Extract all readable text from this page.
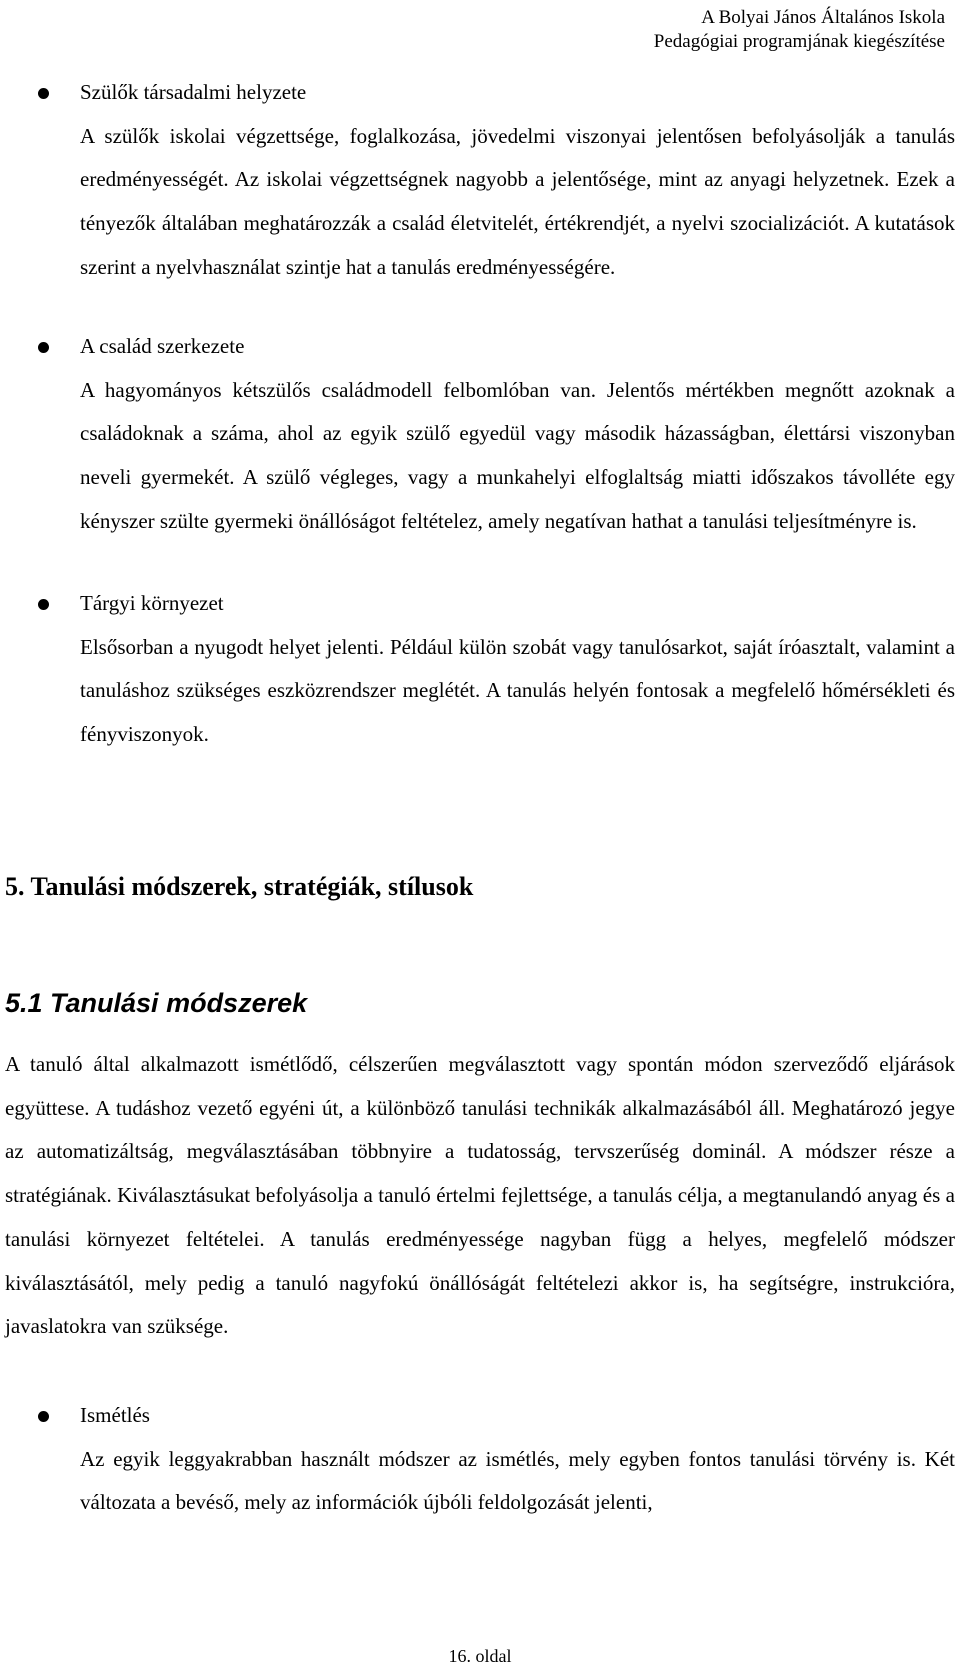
A Bolyai János Általános Iskola
Pedagógiai programjának kiegészítése

Szülők társadalmi helyzete

A szülők iskolai végzettsége, foglalkozása, jövedelmi viszonyai jelentősen befolyásolják a tanulás eredményességét. Az iskolai végzettségnek nagyobb a jelentősége, mint az anyagi helyzetnek. Ezek a tényezők általában meghatározzák a család életvitelét, értékrendjét, a nyelvi szocializációt. A kutatások szerint a nyelvhasználat szintje hat a tanulás eredményességére.

A család szerkezete

A hagyományos kétszülős családmodell felbomlóban van. Jelentős mértékben megnőtt azoknak a családoknak a száma, ahol az egyik szülő egyedül vagy második házasságban, élettársi viszonyban neveli gyermekét. A szülő végleges, vagy a munkahelyi elfoglaltság miatti időszakos távolléte egy kényszer szülte gyermeki önállóságot feltételez, amely negatívan hathat a tanulási teljesítményre is.

Tárgyi környezet

Elsősorban a nyugodt helyet jelenti. Például külön szobát vagy tanulósarkot, saját íróasztalt, valamint a tanuláshoz szükséges eszközrendszer meglétét. A tanulás helyén fontosak a megfelelő hőmérsékleti és fényviszonyok.

5. Tanulási módszerek, stratégiák, stílusok
5.1 Tanulási módszerek

A tanuló által alkalmazott ismétlődő, célszerűen megválasztott vagy spontán módon szerveződő eljárások együttese. A tudáshoz vezető egyéni út, a különböző tanulási technikák alkalmazásából áll. Meghatározó jegye az automatizáltság, megválasztásában többnyire a tudatosság, tervszerűség dominál. A módszer része a stratégiának. Kiválasztásukat befolyásolja a tanuló értelmi fejlettsége, a tanulás célja, a megtanulandó anyag és a tanulási környezet feltételei. A tanulás eredményessége nagyban függ a helyes, megfelelő módszer kiválasztásától, mely pedig a tanuló nagyfokú önállóságát feltételezi akkor is, ha segítségre, instrukcióra, javaslatokra van szüksége.

Ismétlés

Az egyik leggyakrabban használt módszer az ismétlés, mely egyben fontos tanulási törvény is. Két változata a bevéső, mely az információk újbóli feldolgozását jelenti,

16. oldal
